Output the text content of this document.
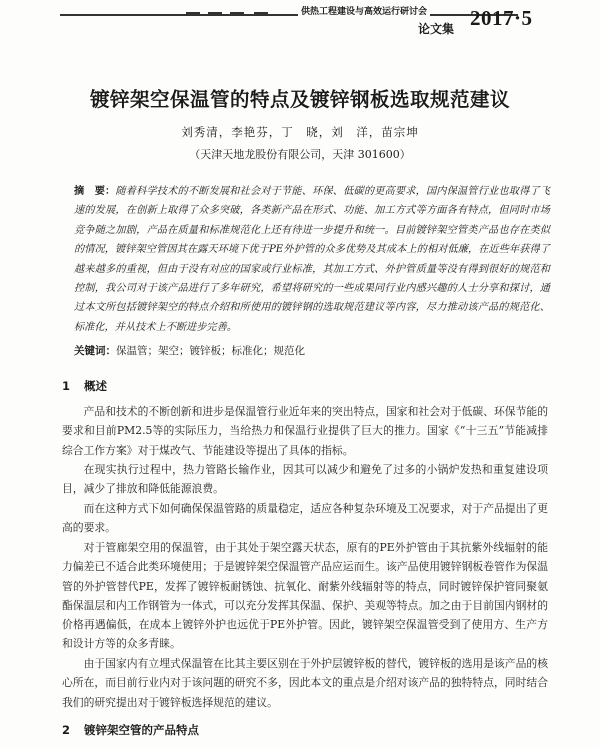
供热工程建设与高效运行研讨会
论文集 2017·5
镀锌架空保温管的特点及镀锌钢板选取规范建议
刘秀清，李艳芬，丁　晓，刘　洋，苗宗坤
（天津天地龙股份有限公司，天津 301600）

摘　要：随着科学技术的不断发展和社会对于节能、环保、低碳的更高要求，国内保温管行业也取得了飞速的发展，在创新上取得了众多突破，各类新产品在形式、功能、加工方式等方面各有特点，但同时市场竞争随之加剧，产品在质量和标准规范化上还有待进一步提升和统一。目前镀锌架空管类产品也存在类似的情况，镀锌架空管因其在露天环境下优于PE外护管的众多优势及其成本上的相对低廉，在近些年获得了越来越多的重视，但由于没有对应的国家或行业标准，其加工方式、外护管质量等没有得到很好的规范和控制，我公司对于该产品进行了多年研究，希望将研究的一些成果同行业内感兴趣的人士分享和探讨，通过本文所包括镀锌架空的特点介绍和所使用的镀锌钢的选取规范建议等内容，尽力推动该产品的规范化、标准化，并从技术上不断进步完善。

关键词：保温管；架空；镀锌板；标准化；规范化

1 概述

产品和技术的不断创新和进步是保温管行业近年来的突出特点，国家和社会对于低碳、环保节能的要求和目前PM2.5等的实际压力，当给热力和保温行业提供了巨大的推力。国家《“十三五”节能减排综合工作方案》对于煤改气、节能建设等提出了具体的指标。

在现实执行过程中，热力管路长输作业，因其可以减少和避免了过多的小锅炉发热和重复建设项目，减少了排放和降低能源浪费。

而在这种方式下如何确保保温管路的质量稳定，适应各种复杂环境及工况要求，对于产品提出了更高的要求。

对于管廊架空用的保温管，由于其处于架空露天状态，原有的PE外护管由于其抗紫外线辐射的能力偏差已不适合此类环境使用；于是镀锌架空保温管产品应运而生。该产品使用镀锌钢板卷管作为保温管的外护管替代PE，发挥了镀锌板耐锈蚀、抗氧化、耐紫外线辐射等的特点，同时镀锌保护管同聚氨酯保温层和内工作钢管为一体式，可以充分发挥其保温、保护、美观等特点。加之由于目前国内钢材的价格再遇偏低，在成本上镀锌外护也远优于PE外护管。因此，镀锌架空保温管受到了使用方、生产方和设计方等的众多青睐。

由于国家内有立埋式保温管在比其主要区别在于外护层镀锌板的替代，镀锌板的选用是该产品的核心所在，而目前行业内对于该问题的研究不多，因此本文的重点是介绍对该产品的独特特点，同时结合我们的研究提出对于镀锌板选择规范的建议。

2 镀锌架空管的产品特点
